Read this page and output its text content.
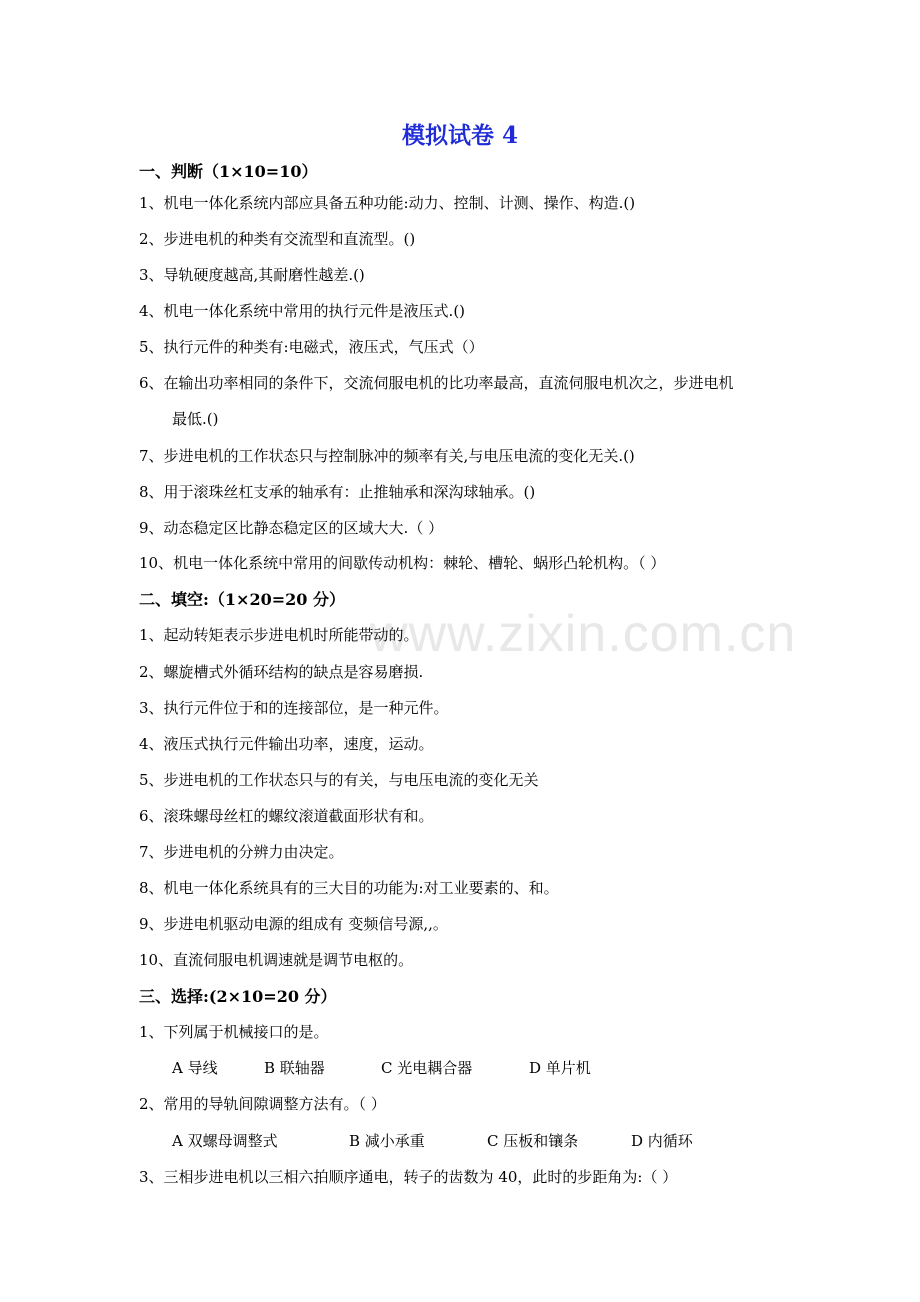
www.zixin.com.cn
模拟试卷 4
一、判断（1×10=10）
1、机电一体化系统内部应具备五种功能:动力、控制、计测、操作、构造.()
2、步进电机的种类有交流型和直流型。()
3、导轨硬度越高,其耐磨性越差.()
4、机电一体化系统中常用的执行元件是液压式.()
5、执行元件的种类有:电磁式，液压式，气压式（）
6、在输出功率相同的条件下，交流伺服电机的比功率最高，直流伺服电机次之，步进电机
最低.()
7、步进电机的工作状态只与控制脉冲的频率有关,与电压电流的变化无关.()
8、用于滚珠丝杠支承的轴承有：止推轴承和深沟球轴承。()
9、动态稳定区比静态稳定区的区域大大.（ ）
10、机电一体化系统中常用的间歇传动机构：棘轮、槽轮、蜗形凸轮机构。（ ）
二、填空:（1×20=20 分）
1、起动转矩表示步进电机时所能带动的。
2、螺旋槽式外循环结构的缺点是容易磨损.
3、执行元件位于和的连接部位，是一种元件。
4、液压式执行元件输出功率，速度，运动。
5、步进电机的工作状态只与的有关，与电压电流的变化无关
6、滚珠螺母丝杠的螺纹滚道截面形状有和。
7、步进电机的分辨力由决定。
8、机电一体化系统具有的三大目的功能为:对工业要素的、和。
9、步进电机驱动电源的组成有 变频信号源,,。
10、直流伺服电机调速就是调节电枢的。
三、选择:(2×10=20 分）
1、下列属于机械接口的是。
A 导线	B 联轴器	C 光电耦合器	D 单片机
2、常用的导轨间隙调整方法有。（ ）
A 双螺母调整式	B 减小承重	C 压板和镶条	D 内循环
3、三相步进电机以三相六拍顺序通电，转子的齿数为 40，此时的步距角为:（ ）
